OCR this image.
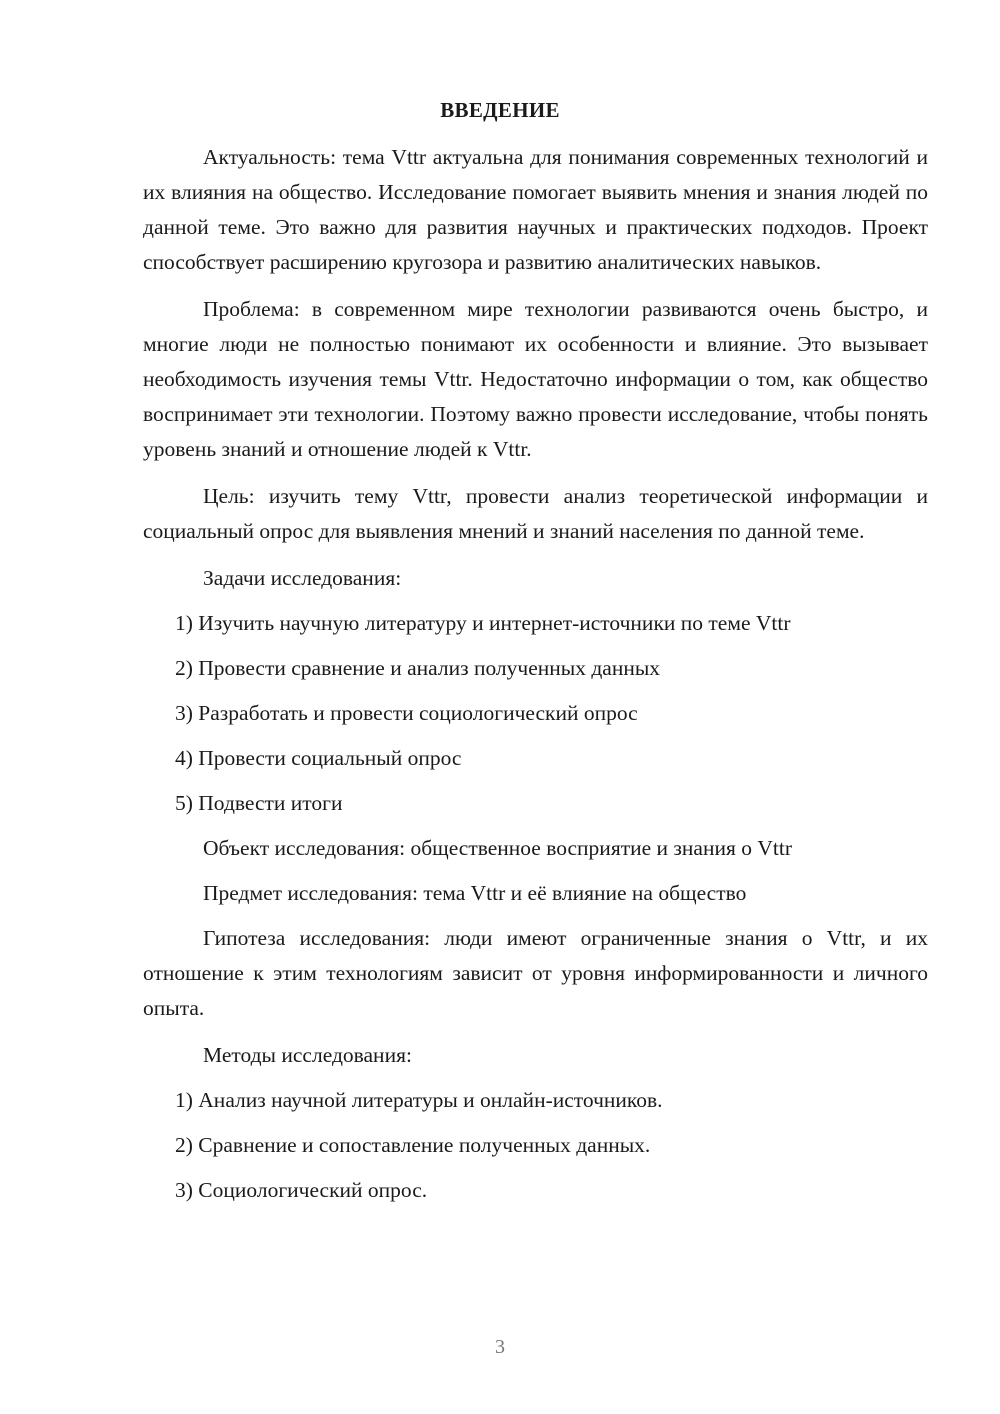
ВВЕДЕНИЕ

Актуальность: тема Vttr актуальна для понимания современных технологий и их влияния на общество. Исследование помогает выявить мнения и знания людей по данной теме. Это важно для развития научных и практических подходов. Проект способствует расширению кругозора и развитию аналитических навыков.

Проблема: в современном мире технологии развиваются очень быстро, и многие люди не полностью понимают их особенности и влияние. Это вызывает необходимость изучения темы Vttr. Недостаточно информации о том, как общество воспринимает эти технологии. Поэтому важно провести исследование, чтобы понять уровень знаний и отношение людей к Vttr.

Цель: изучить тему Vttr, провести анализ теоретической информации и социальный опрос для выявления мнений и знаний населения по данной теме.

Задачи исследования:
1) Изучить научную литературу и интернет-источники по теме Vttr
2) Провести сравнение и анализ полученных данных
3) Разработать и провести социологический опрос
4) Провести социальный опрос
5) Подвести итоги
Объект исследования: общественное восприятие и знания о Vttr
Предмет исследования: тема Vttr и её влияние на общество

Гипотеза исследования: люди имеют ограниченные знания о Vttr, и их отношение к этим технологиям зависит от уровня информированности и личного опыта.

Методы исследования:
1) Анализ научной литературы и онлайн-источников.
2) Сравнение и сопоставление полученных данных.
3) Социологический опрос.
3
